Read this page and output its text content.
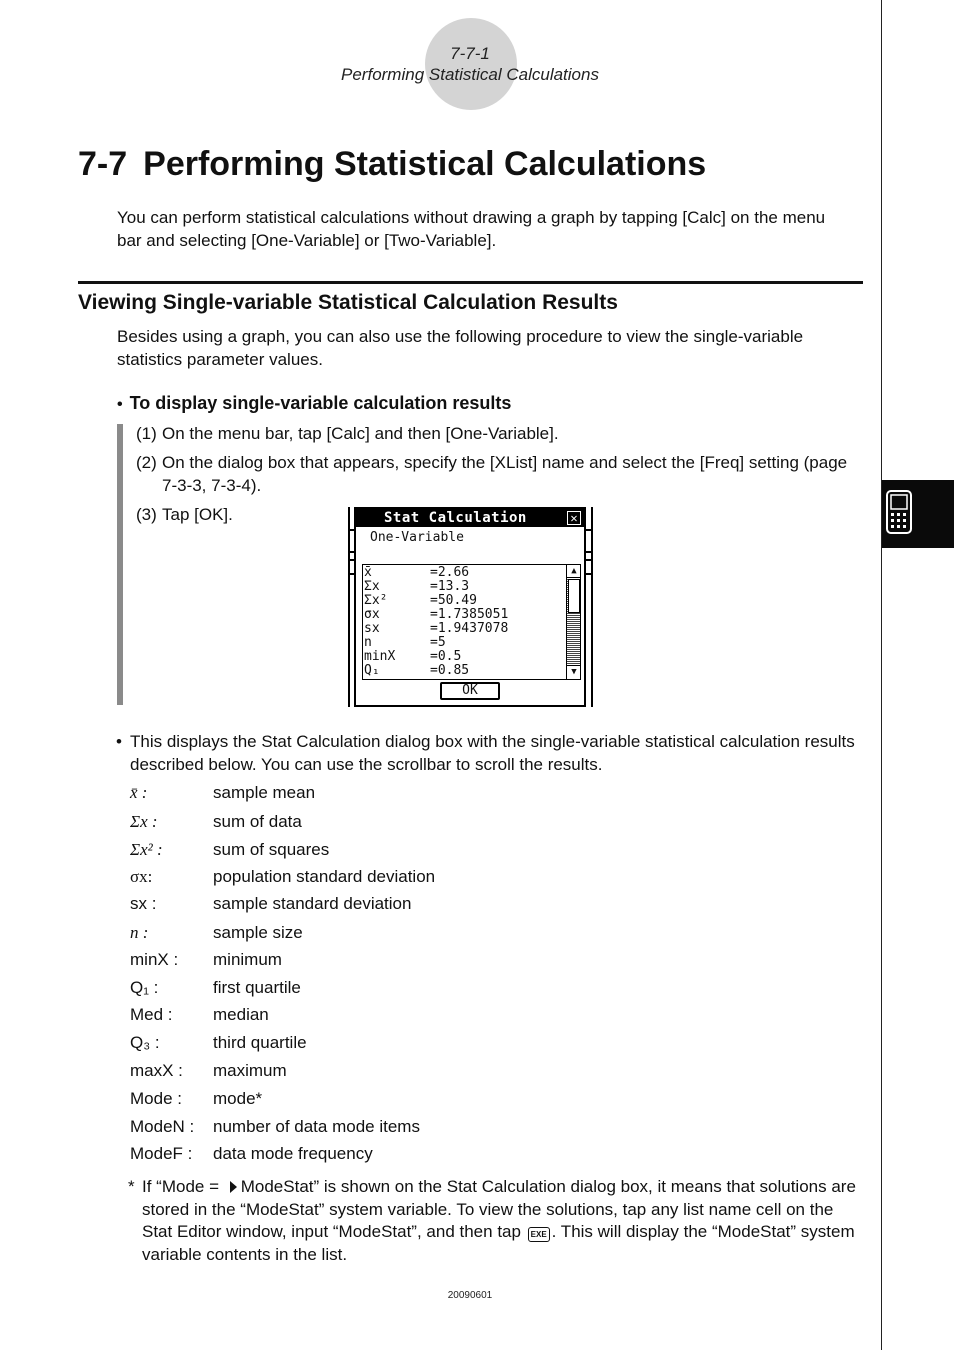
7-7-1
Performing Statistical Calculations
7-7 Performing Statistical Calculations
You can perform statistical calculations without drawing a graph by tapping [Calc] on the menu bar and selecting [One-Variable] or [Two-Variable].
Viewing Single-variable Statistical Calculation Results
Besides using a graph, you can also use the following procedure to view the single-variable statistics parameter values.
• To display single-variable calculation results
(1) On the menu bar, tap [Calc] and then [One-Variable].
(2) On the dialog box that appears, specify the [XList] name and select the [Freq] setting (page 7-3-3, 7-3-4).
(3) Tap [OK].	Stat Calculation	✕
One-Variable
x̄	=2.66
Σx	=13.3
Σx²	=50.49
σx	=1.7385051
sx	=1.9437078
n	=5
minX	=0.5
Q₁	=0.85
▲
▼
OK
• This displays the Stat Calculation dialog box with the single-variable statistical calculation results described below. You can use the scrollbar to scroll the results.
x̄ :	sample mean
Σx :	sum of data
Σx² :	sum of squares
σx:	population standard deviation
sx :	sample standard deviation
n :	sample size
minX : minimum
Q₁ :	first quartile
Med : median
Q₃ :	third quartile
maxX : maximum
Mode : mode*
ModeN : number of data mode items
ModeF : data mode frequency
* If “Mode = ModeStat” is shown on the Stat Calculation dialog box, it means that solutions are stored in the “ModeStat” system variable. To view the solutions, tap any list name cell on the Stat Editor window, input “ModeStat”, and then tap EXE . This will display the “ModeStat” system variable contents in the list.
20090601
